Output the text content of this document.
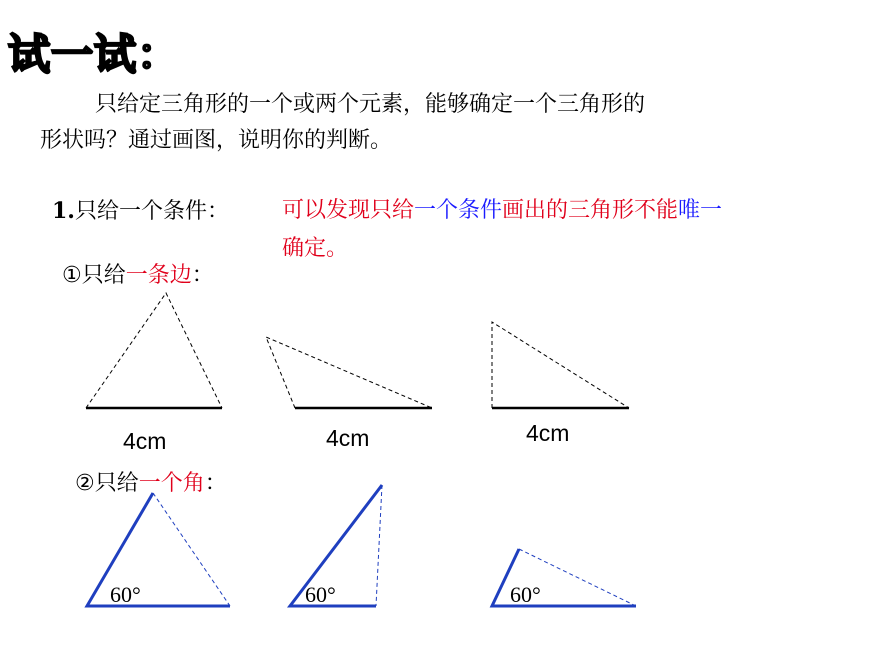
试一试：
只给定三角形的一个或两个元素，能够确定一个三角形的
形状吗？通过画图，说明你的判断。
1.只给一个条件： 可以发现只给一个条件画出的三角形不能唯一
确定。
①只给一条边：
4cm	4cm	4cm
②只给一个角：
60°	60°	60°
